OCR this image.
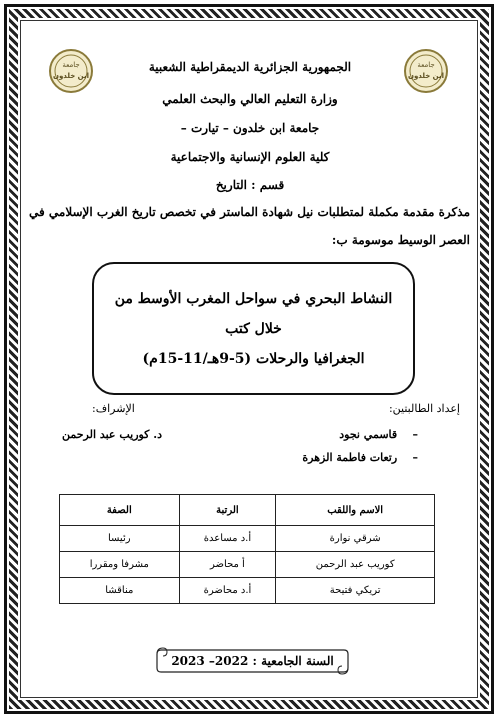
جامعة
ابن خلدون
جامعة
ابن خلدون
الجمهورية الجزائرية الديمقراطية الشعبية
وزارة التعليم العالي والبحث العلمي
جامعة ابن خلدون – تيارت –
كلية العلوم الإنسانية والاجتماعية
قسم : التاريخ
مذكرة مقدمة مكملة لمتطلبات نيل شهادة الماستر في تخصص تاريخ الغرب الإسلامي في
العصر الوسيط موسومة ب:
النشاط البحري في سواحل المغرب الأوسط من خلال كتب
الجغرافيا والرحلات (5-9هـ/11-15م)
إعداد الطالبتين:
–    قاسمي نجود
–    رتعات فاطمة الزهرة
الإشراف:
د. كوريب عبد الرحمن
الاسم واللقب	الرتبة	الصفة
شرقي نوارة	أ.د مساعدة	رئيسا
كوريب عبد الرحمن	أ محاضر	مشرفا ومقررا
تريكي فتيحة	أ.د محاضرة	مناقشا
السنة الجامعية : 2022– 2023
